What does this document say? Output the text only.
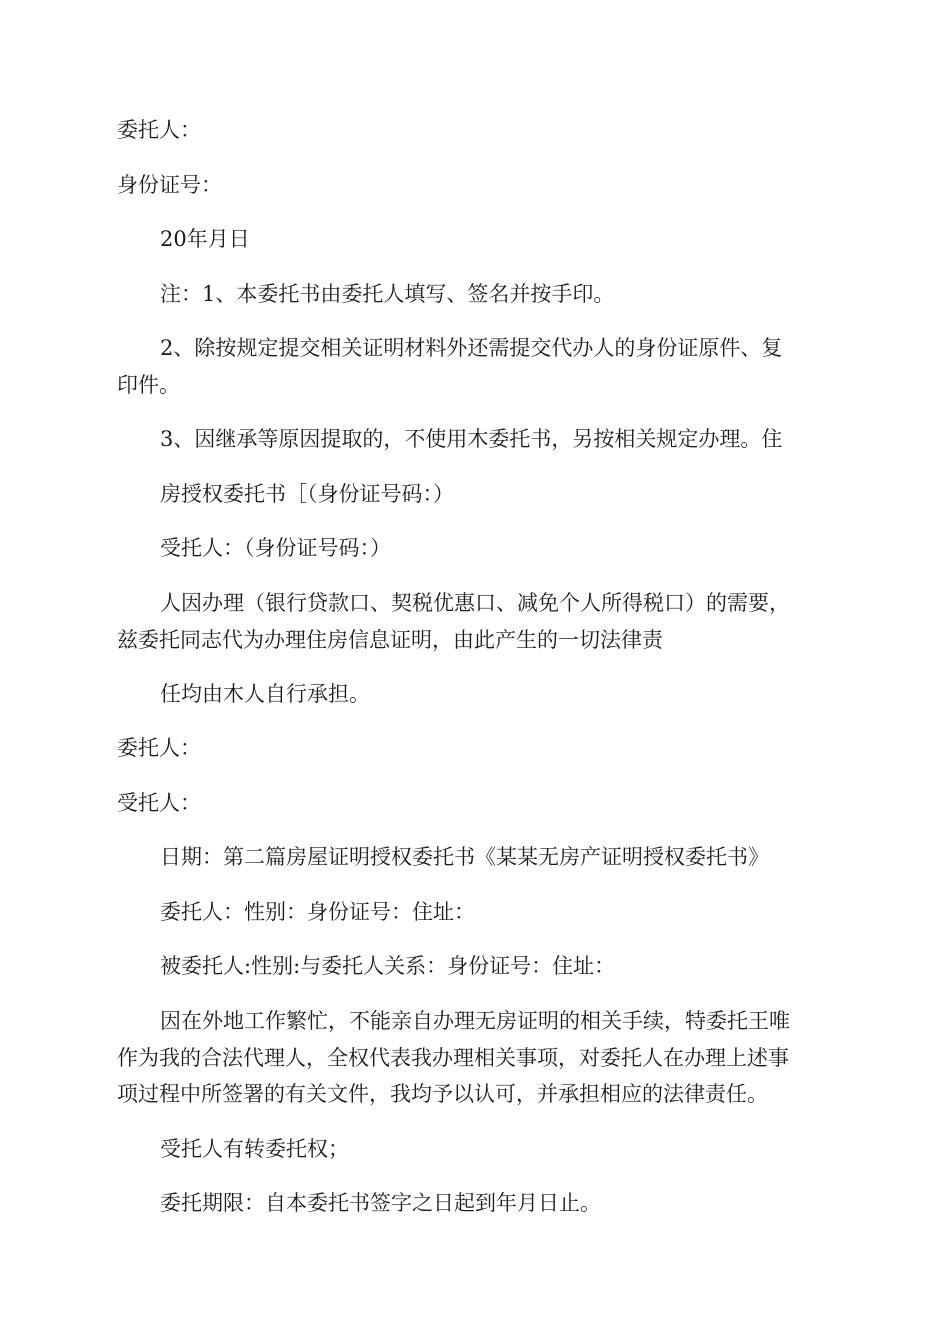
委托人：
身份证号：
20年月日
注：1、本委托书由委托人填写、签名并按手印。
2、除按规定提交相关证明材料外还需提交代办人的身份证原件、复
印件。
3、因继承等原因提取的，不使用木委托书，另按相关规定办理。住
房授权委托书［（身份证号码：）
受托人：（身份证号码：）
人因办理（银行贷款口、契税优惠口、减免个人所得税口）的需要，
兹委托同志代为办理住房信息证明，由此产生的一切法律责
任均由木人自行承担。
委托人：
受托人：
日期：第二篇房屋证明授权委托书《某某无房产证明授权委托书》
委托人：性别：身份证号：住址：
被委托人:性别:与委托人关系：身份证号：住址：
因在外地工作繁忙，不能亲自办理无房证明的相关手续，特委托王唯
作为我的合法代理人，全权代表我办理相关事项，对委托人在办理上述事
项过程中所签署的有关文件，我均予以认可，并承担相应的法律责任。
受托人有转委托权；
委托期限：自本委托书签字之日起到年月日止。
